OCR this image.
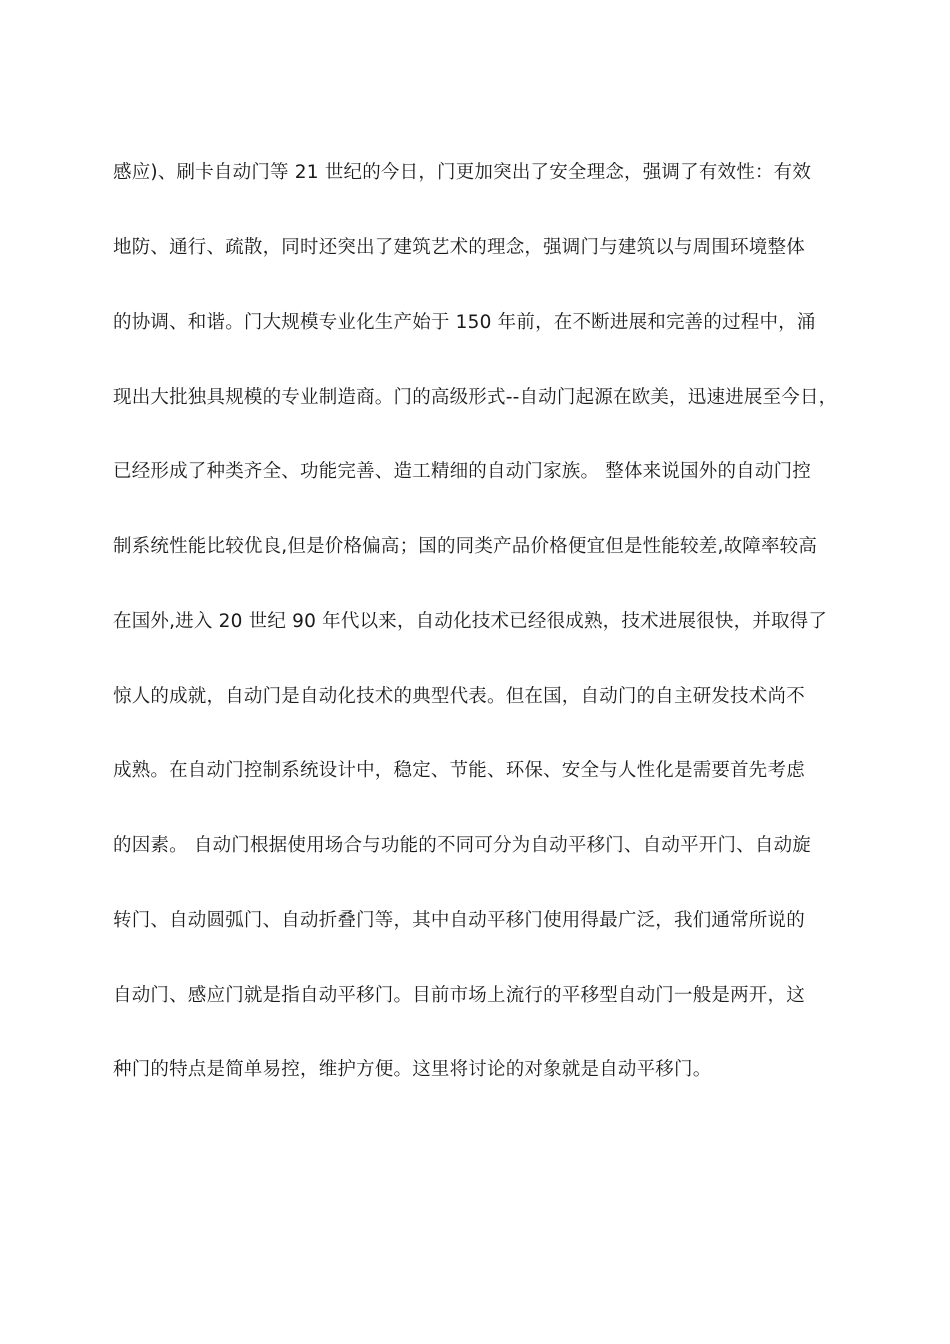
感应)、刷卡自动门等 21 世纪的今日，门更加突出了安全理念，强调了有效性：有效
地防、通行、疏散，同时还突出了建筑艺术的理念，强调门与建筑以与周围环境整体
的协调、和谐。门大规模专业化生产始于 150 年前，在不断进展和完善的过程中，涌
现出大批独具规模的专业制造商。门的高级形式--自动门起源在欧美，迅速进展至今日，
已经形成了种类齐全、功能完善、造工精细的自动门家族。 整体来说国外的自动门控
制系统性能比较优良,但是价格偏高；国的同类产品价格便宜但是性能较差,故障率较高
在国外,进入 20 世纪 90 年代以来，自动化技术已经很成熟，技术进展很快，并取得了
惊人的成就，自动门是自动化技术的典型代表。但在国，自动门的自主研发技术尚不
成熟。在自动门控制系统设计中，稳定、节能、环保、安全与人性化是需要首先考虑
的因素。 自动门根据使用场合与功能的不同可分为自动平移门、自动平开门、自动旋
转门、自动圆弧门、自动折叠门等，其中自动平移门使用得最广泛，我们通常所说的
自动门、感应门就是指自动平移门。目前市场上流行的平移型自动门一般是两开，这
种门的特点是简单易控，维护方便。这里将讨论的对象就是自动平移门。
